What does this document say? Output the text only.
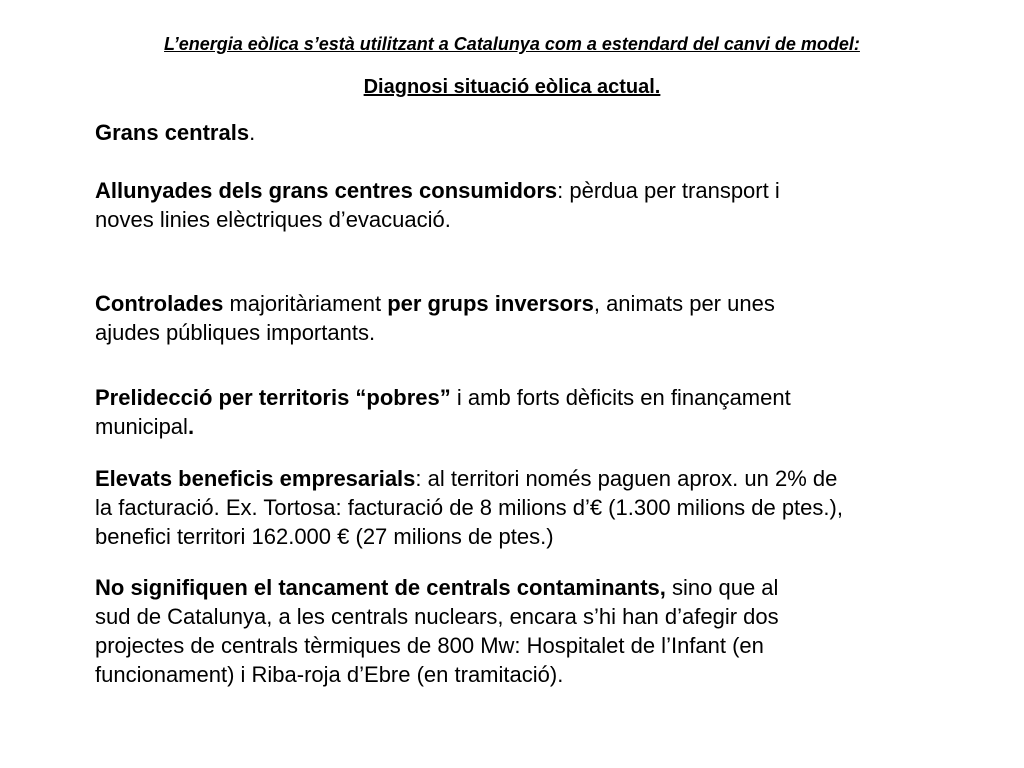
L’energia eòlica s’està utilitzant a Catalunya com a estendard del canvi de model:
Diagnosi situació eòlica actual.
Grans centrals.
Allunyades dels grans centres consumidors: pèrdua per transport i
noves linies elèctriques d’evacuació.
Controlades majoritàriament per grups inversors, animats per unes
ajudes públiques importants.
Prelidecció per territoris “pobres” i amb forts dèficits en finançament
municipal.
Elevats beneficis empresarials: al territori només paguen aprox. un 2% de
la facturació. Ex. Tortosa: facturació de 8 milions d’€ (1.300 milions de ptes.),
benefici territori 162.000 € (27 milions de ptes.)
No signifiquen el tancament de centrals contaminants, sino que al
sud de Catalunya, a les centrals nuclears, encara s’hi han d’afegir dos
projectes de centrals tèrmiques de 800 Mw: Hospitalet de l’Infant (en
funcionament) i Riba-roja d’Ebre (en tramitació).
